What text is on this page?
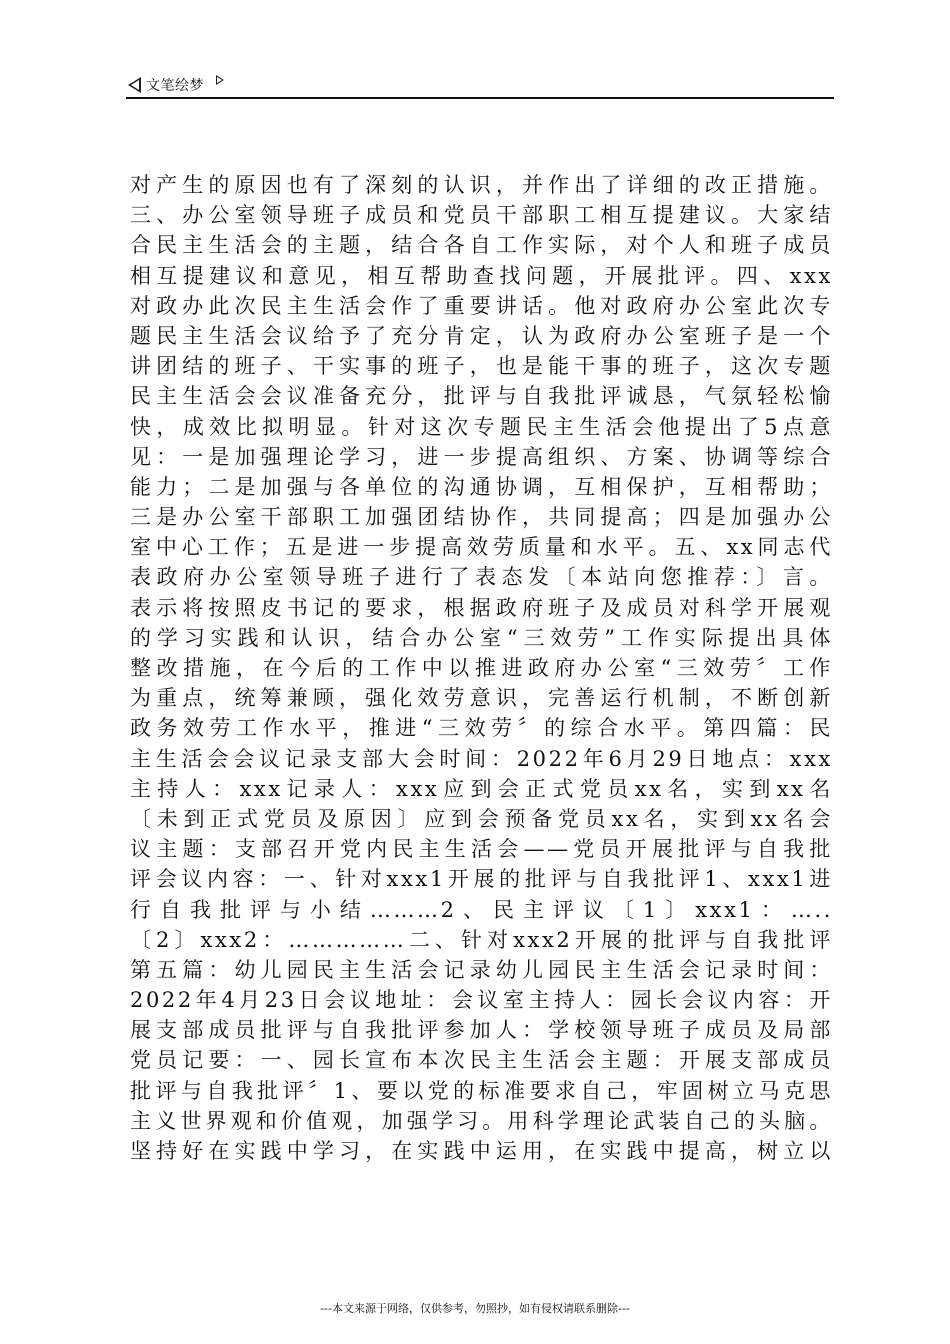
文笔绘梦
对产生的原因也有了深刻的认识，并作出了详细的改正措施。
三、办公室领导班子成员和党员干部职工相互提建议。大家结
合民主生活会的主题，结合各自工作实际，对个人和班子成员
相互提建议和意见，相互帮助查找问题，开展批评。四、xxx
对政办此次民主生活会作了重要讲话。他对政府办公室此次专
题民主生活会议给予了充分肯定，认为政府办公室班子是一个
讲团结的班子、干实事的班子，也是能干事的班子，这次专题
民主生活会会议准备充分，批评与自我批评诚恳，气氛轻松愉
快，成效比拟明显。针对这次专题民主生活会他提出了5点意
见：一是加强理论学习，进一步提高组织、方案、协调等综合
能力；二是加强与各单位的沟通协调，互相保护，互相帮助；
三是办公室干部职工加强团结协作，共同提高；四是加强办公
室中心工作；五是进一步提高效劳质量和水平。五、xx同志代
表政府办公室领导班子进行了表态发〔本站向您推荐：〕言。
表示将按照皮书记的要求，根据政府班子及成员对科学开展观
的学习实践和认识，结合办公室“三效劳”工作实际提出具体
整改措施，在今后的工作中以推进政府办公室“三效劳〞工作
为重点，统筹兼顾，强化效劳意识，完善运行机制，不断创新
政务效劳工作水平，推进“三效劳〞的综合水平。第四篇：民
主生活会会议记录支部大会时间：2022年6月29日地点：xxx
主持人：xxx记录人：xxx应到会正式党员xx名，实到xx名
〔未到正式党员及原因〕应到会预备党员xx名，实到xx名会
议主题：支部召开党内民主生活会——党员开展批评与自我批
评会议内容：一、针对xxx1开展的批评与自我批评1、xxx1进
行自我批评与小结………2、民主评议〔1〕xxx1：…..
〔2〕xxx2：……………二、针对xxx2开展的批评与自我批评
第五篇：幼儿园民主生活会记录幼儿园民主生活会记录时间：
2022年4月23日会议地址：会议室主持人：园长会议内容：开
展支部成员批评与自我批评参加人：学校领导班子成员及局部
党员记要：一、园长宣布本次民主生活会主题：开展支部成员
批评与自我批评〞1、要以党的标准要求自己，牢固树立马克思
主义世界观和价值观，加强学习。用科学理论武装自己的头脑。
坚持好在实践中学习，在实践中运用，在实践中提高，树立以
---本文来源于网络，仅供参考，勿照抄，如有侵权请联系删除---
